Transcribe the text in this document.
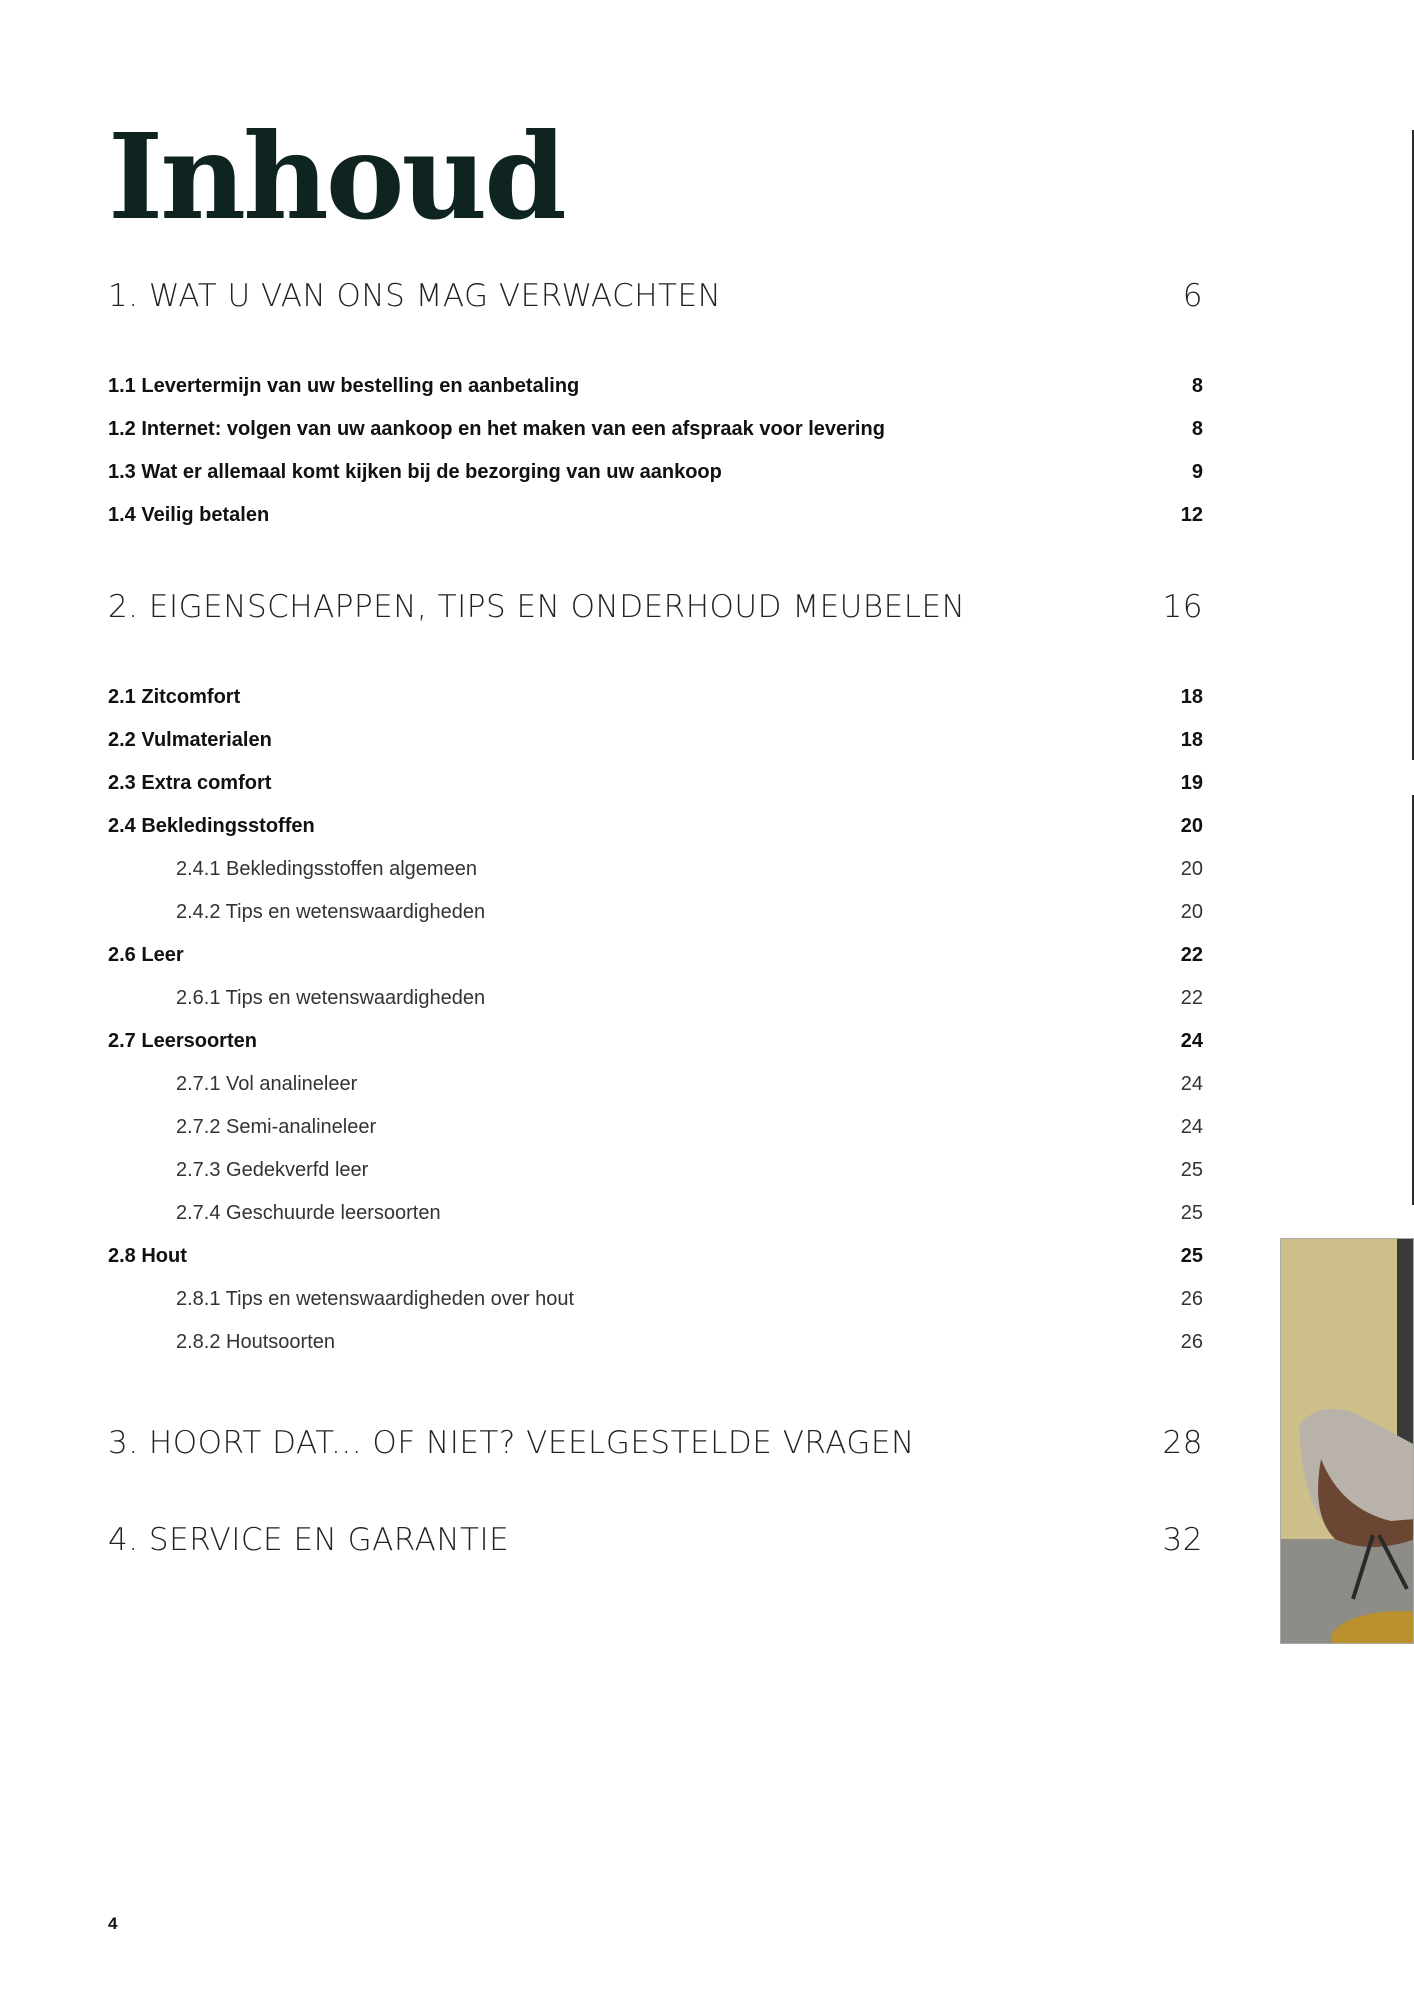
Inhoud
1. WAT U VAN ONS MAG VERWACHTEN	6
1.1 Levertermijn van uw bestelling en aanbetaling	8
1.2 Internet: volgen van uw aankoop en het maken van een afspraak voor levering	8
1.3 Wat er allemaal komt kijken bij de bezorging van uw aankoop	9
1.4 Veilig betalen	12
2. EIGENSCHAPPEN, TIPS EN ONDERHOUD MEUBELEN	16
2.1 Zitcomfort	18
2.2 Vulmaterialen	18
2.3 Extra comfort	19
2.4 Bekledingsstoffen	20
2.4.1 Bekledingsstoffen algemeen	20
2.4.2 Tips en wetenswaardigheden	20
2.6 Leer	22
2.6.1 Tips en wetenswaardigheden	22
2.7 Leersoorten	24
2.7.1 Vol analineleer	24
2.7.2 Semi-analineleer	24
2.7.3 Gedekverfd leer	25
2.7.4 Geschuurde leersoorten	25
2.8 Hout	25
2.8.1 Tips en wetenswaardigheden over hout	26
2.8.2 Houtsoorten	26
3. HOORT DAT... OF NIET? VEELGESTELDE VRAGEN	28
4. SERVICE EN GARANTIE	32
4
